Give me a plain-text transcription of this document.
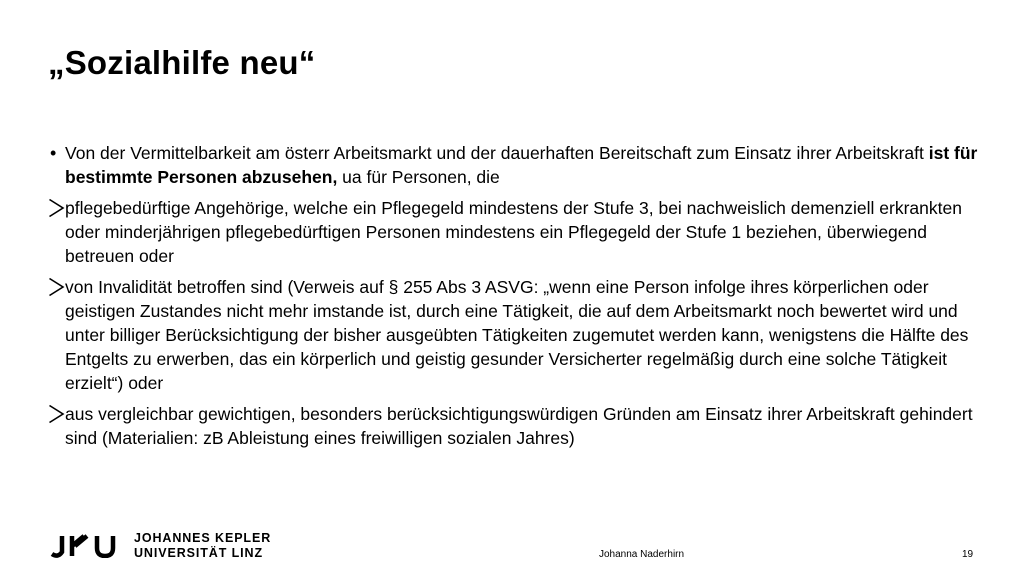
„Sozialhilfe neu“
• Von der Vermittelbarkeit am österr Arbeitsmarkt und der dauerhaften Bereitschaft zum Einsatz ihrer Arbeitskraft ist für bestimmte Personen abzusehen, ua für Personen, die
pflegebedürftige Angehörige, welche ein Pflegegeld mindestens der Stufe 3, bei nachweislich demenziell erkrankten oder minderjährigen pflegebedürftigen Personen mindestens ein Pflegegeld der Stufe 1 beziehen, überwiegend betreuen oder
von Invalidität betroffen sind (Verweis auf § 255 Abs 3 ASVG: „wenn eine Person infolge ihres körperlichen oder geistigen Zustandes nicht mehr imstande ist, durch eine Tätigkeit, die auf dem Arbeitsmarkt noch bewertet wird und unter billiger Berücksichtigung der bisher ausgeübten Tätigkeiten zugemutet werden kann, wenigstens die Hälfte des Entgelts zu erwerben, das ein körperlich und geistig gesunder Versicherter regelmäßig durch eine solche Tätigkeit erzielt“) oder
aus vergleichbar gewichtigen, besonders berücksichtigungswürdigen Gründen am Einsatz ihrer Arbeitskraft gehindert sind (Materialien: zB Ableistung eines freiwilligen sozialen Jahres)
JOHANNES KEPLER
UNIVERSITÄT LINZ	Johanna Naderhirn	19
